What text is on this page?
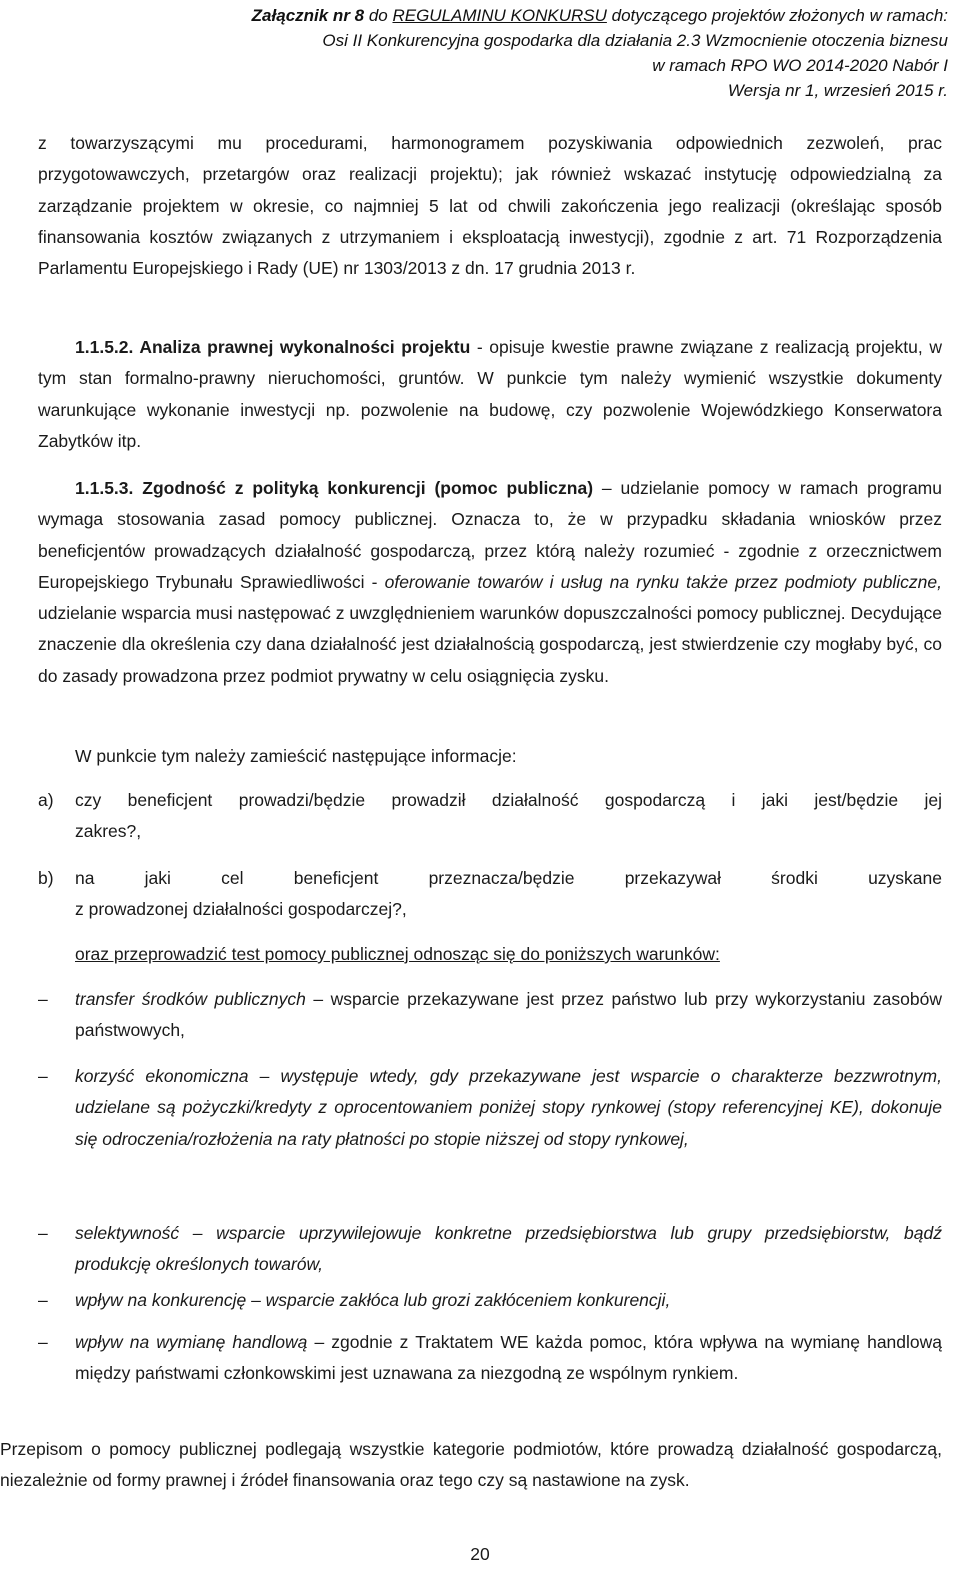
Załącznik nr 8 do REGULAMINU KONKURSU dotyczącego projektów złożonych w ramach:
Osi II Konkurencyjna gospodarka dla działania 2.3 Wzmocnienie otoczenia biznesu
w ramach RPO WO 2014-2020 Nabór I
Wersja nr 1, wrzesień 2015 r.
z towarzyszącymi mu procedurami, harmonogramem pozyskiwania odpowiednich zezwoleń, prac przygotowawczych, przetargów oraz realizacji projektu); jak również wskazać instytucję odpowiedzialną za zarządzanie projektem w okresie, co najmniej 5 lat od chwili zakończenia jego realizacji (określając sposób finansowania kosztów związanych z utrzymaniem i eksploatacją inwestycji), zgodnie z art. 71 Rozporządzenia Parlamentu Europejskiego i Rady (UE) nr 1303/2013 z dn. 17 grudnia 2013 r.
1.1.5.2. Analiza prawnej wykonalności projektu - opisuje kwestie prawne związane z realizacją projektu, w tym stan formalno-prawny nieruchomości, gruntów. W punkcie tym należy wymienić wszystkie dokumenty warunkujące wykonanie inwestycji np. pozwolenie na budowę, czy pozwolenie Wojewódzkiego Konserwatora Zabytków itp.
1.1.5.3. Zgodność z polityką konkurencji (pomoc publiczna) – udzielanie pomocy w ramach programu wymaga stosowania zasad pomocy publicznej. Oznacza to, że w przypadku składania wniosków przez beneficjentów prowadzących działalność gospodarczą, przez którą należy rozumieć - zgodnie z orzecznictwem Europejskiego Trybunału Sprawiedliwości - oferowanie towarów i usług na rynku także przez podmioty publiczne, udzielanie wsparcia musi następować z uwzględnieniem warunków dopuszczalności pomocy publicznej. Decydujące znaczenie dla określenia czy dana działalność jest działalnością gospodarczą, jest stwierdzenie czy mogłaby być, co do zasady prowadzona przez podmiot prywatny w celu osiągnięcia zysku.
W punkcie tym należy zamieścić następujące informacje:
a) czy beneficjent prowadzi/będzie prowadził działalność gospodarczą i jaki jest/będzie jej
zakres?,
b) na jaki cel beneficjent przeznacza/będzie przekazywał środki uzyskane
z prowadzonej działalności gospodarczej?,
oraz przeprowadzić test pomocy publicznej odnosząc się do poniższych warunków:
‒ transfer środków publicznych – wsparcie przekazywane jest przez państwo lub przy wykorzystaniu zasobów państwowych,
‒ korzyść ekonomiczna – występuje wtedy, gdy przekazywane jest wsparcie o charakterze bezzwrotnym, udzielane są pożyczki/kredyty z oprocentowaniem poniżej stopy rynkowej (stopy referencyjnej KE), dokonuje się odroczenia/rozłożenia na raty płatności po stopie niższej od stopy rynkowej,
‒ selektywność – wsparcie uprzywilejowuje konkretne przedsiębiorstwa lub grupy przedsiębiorstw, bądź produkcję określonych towarów,
‒ wpływ na konkurencję – wsparcie zakłóca lub grozi zakłóceniem konkurencji,
‒ wpływ na wymianę handlową – zgodnie z Traktatem WE każda pomoc, która wpływa na wymianę handlową między państwami członkowskimi jest uznawana za niezgodną ze wspólnym rynkiem.
Przepisom o pomocy publicznej podlegają wszystkie kategorie podmiotów, które prowadzą działalność gospodarczą, niezależnie od formy prawnej i źródeł finansowania oraz tego czy są nastawione na zysk.
20
